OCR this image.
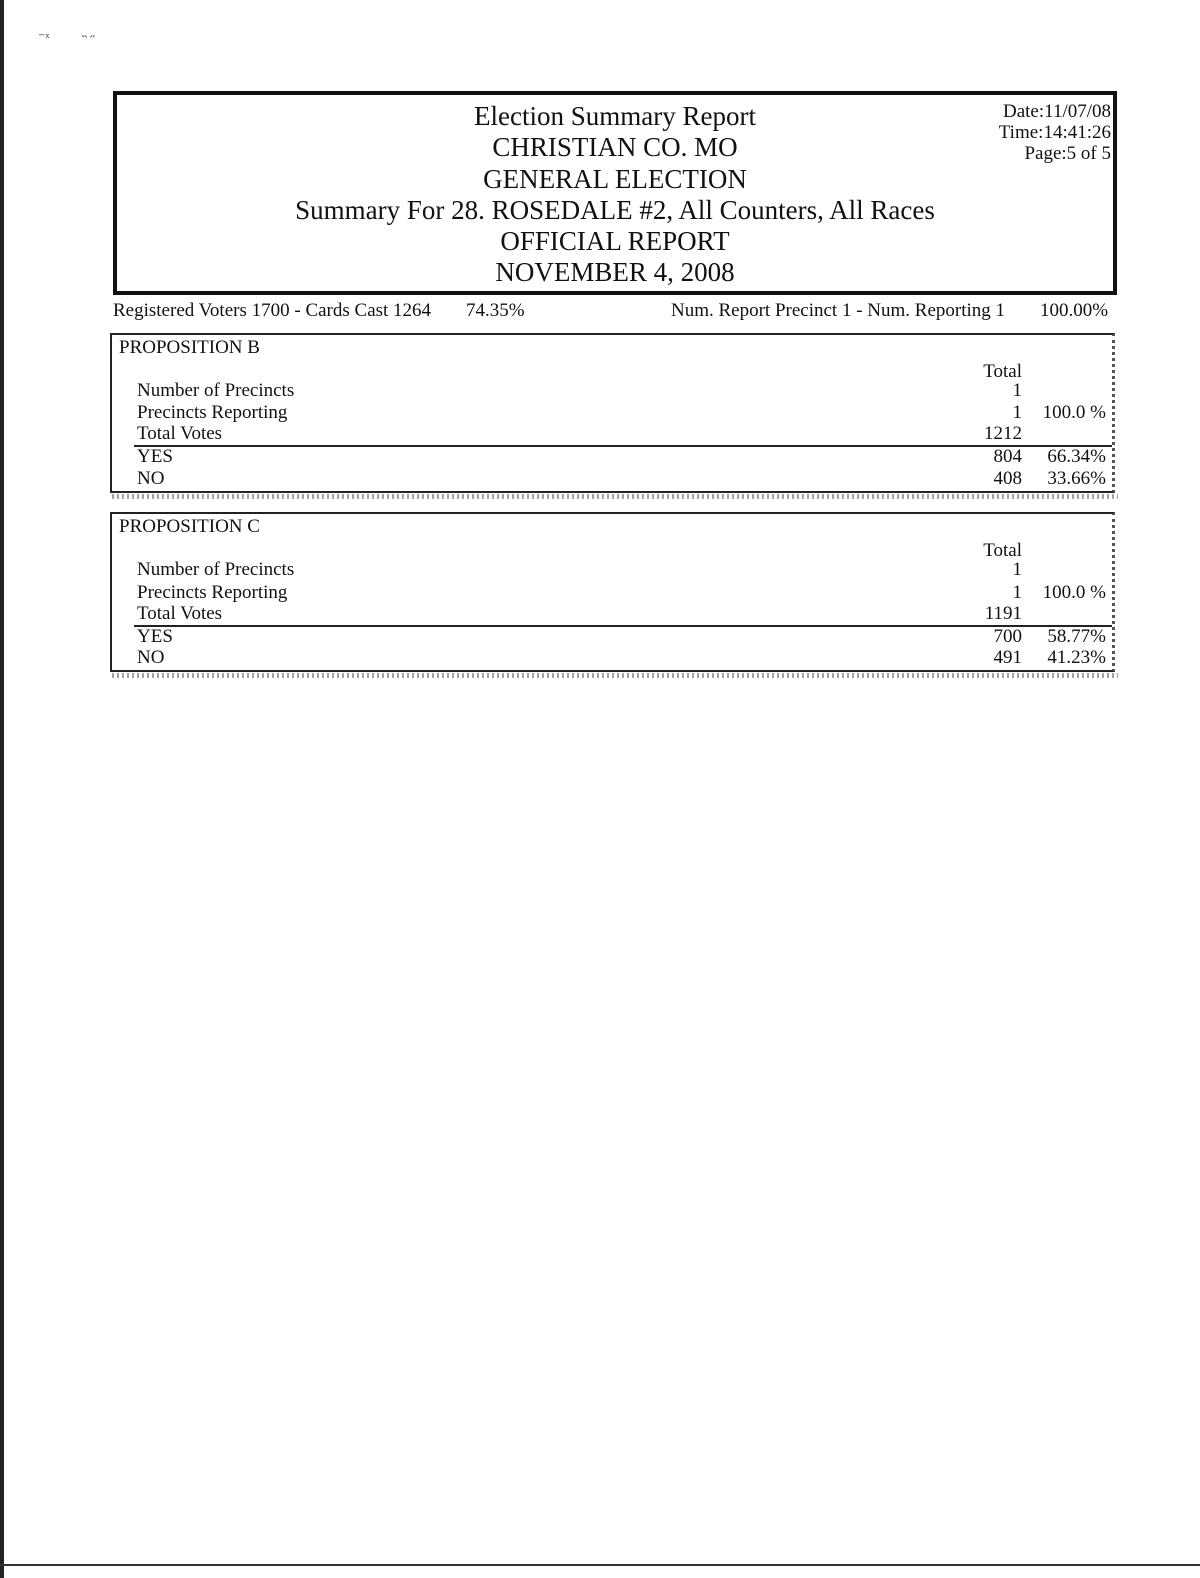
⁻ˣ ˵ ˶
Election Summary Report
CHRISTIAN CO. MO
GENERAL ELECTION
Summary For 28. ROSEDALE #2, All Counters, All Races
OFFICIAL REPORT
NOVEMBER 4, 2008
Date:11/07/08
Time:14:41:26
Page:5 of 5
Registered Voters 1700 - Cards Cast 1264 74.35%	Num. Report Precinct 1 - Num. Reporting 1 100.00%
PROPOSITION B
Total
Number of Precincts	1
Precincts Reporting	1 100.0 %
Total Votes	1212
YES	804 66.34%
NO	408 33.66%
PROPOSITION C
Total
Number of Precincts	1
Precincts Reporting	1 100.0 %
Total Votes	1191
YES	700 58.77%
NO	491 41.23%
